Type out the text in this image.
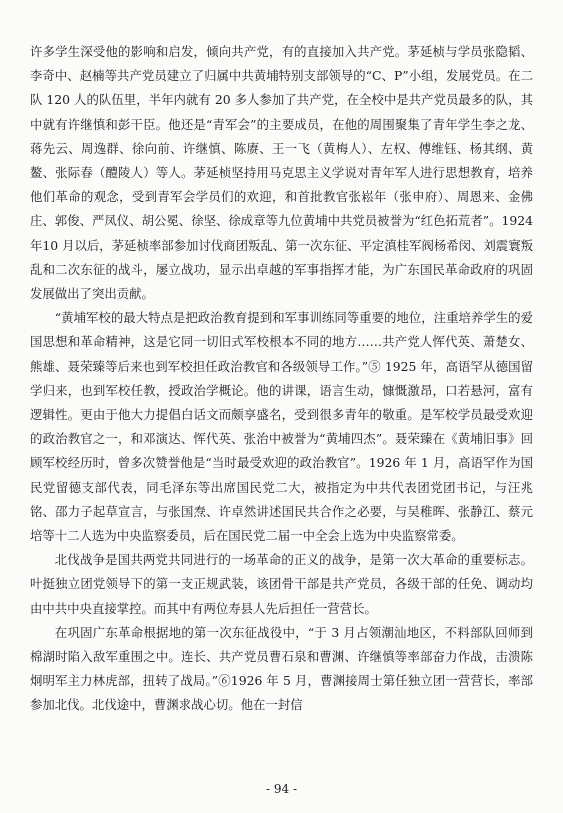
许多学生深受他的影响和启发，倾向共产党，有的直接加入共产党。茅延桢与学员张隐韬、李奇中、赵楠等共产党员建立了归属中共黄埔特别支部领导的“C、P”小组，发展党员。在二队 120 人的队伍里，半年内就有 20 多人参加了共产党，在全校中是共产党员最多的队，其中就有许继慎和彭干臣。他还是“青军会”的主要成员，在他的周围聚集了青年学生李之龙、蒋先云、周逸群、徐向前、许继慎、陈赓、王一飞（黄梅人）、左权、傅维钰、杨其纲、黄鳌、张际春（醴陵人）等人。茅延桢坚持用马克思主义学说对青年军人进行思想教育，培养他们革命的观念，受到青军会学员们的欢迎，和首批教官张崧年（张申府）、周恩来、金佛庄、郭俊、严凤仪、胡公冕、徐坚、徐成章等九位黄埔中共党员被誉为“红色拓荒者”。1924 年10 月以后，茅延桢率部参加讨伐商团叛乱、第一次东征、平定滇桂军阀杨希闵、刘震寰叛乱和二次东征的战斗，屡立战功，显示出卓越的军事指挥才能，为广东国民革命政府的巩固发展做出了突出贡献。

“黄埔军校的最大特点是把政治教育提到和军事训练同等重要的地位，注重培养学生的爱国思想和革命精神，这是它同一切旧式军校根本不同的地方……共产党人恽代英、萧楚女、熊雄、聂荣臻等后来也到军校担任政治教官和各级领导工作。”⑤ 1925 年，高语罕从德国留学归来，也到军校任教，授政治学概论。他的讲课，语言生动，慷慨激昂，口若悬河，富有逻辑性。更由于他大力提倡白话文而颇享盛名，受到很多青年的敬重。是军校学员最受欢迎的政治教官之一，和邓演达、恽代英、张治中被誉为“黄埔四杰”。聂荣臻在《黄埔旧事》回顾军校经历时，曾多次赞誉他是“当时最受欢迎的政治教官”。1926 年 1 月，高语罕作为国民党留德支部代表，同毛泽东等出席国民党二大，被指定为中共代表团党团书记，与汪兆铭、邵力子起草宣言，与张国焘、许卓然讲述国民共合作之必要，与吴稚晖、张静江、蔡元培等十二人选为中央监察委员，后在国民党二届一中全会上选为中央监察常委。

北伐战争是国共两党共同进行的一场革命的正义的战争，是第一次大革命的重要标志。叶挺独立团党领导下的第一支正规武装，该团骨干部是共产党员，各级干部的任免、调动均由中共中央直接掌控。而其中有两位寿县人先后担任一营营长。

在巩固广东革命根据地的第一次东征战役中，“于 3 月占领潮汕地区，不料部队回师到棉湖时陷入敌军重围之中。连长、共产党员曹石泉和曹渊、许继慎等率部奋力作战，击溃陈炯明军主力林虎部，扭转了战局。”⑥1926 年 5 月，曹渊接周士第任独立团一营营长，率部参加北伐。北伐途中，曹渊求战心切。他在一封信

- 94 -
